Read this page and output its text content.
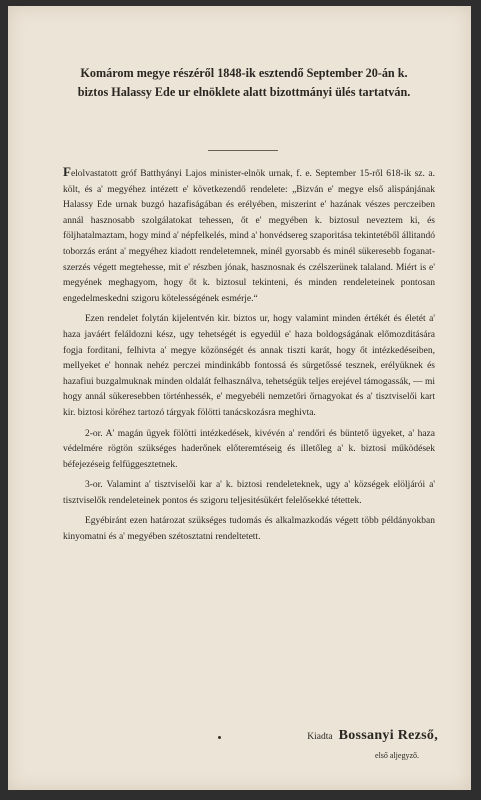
Komárom megye részéről 1848-ik esztendő September 20-án k. biztos Halassy Ede ur elnöklete alatt bizottmányi ülés tartatván.

Felolvastatott gróf Batthyányi Lajos minister-elnök urnak, f. e. September 15-ről 618-ik sz. a. költ, és a' megyéhez intézett e' következendő rendelete: „Bizván e' megye első alispánjának Halassy Ede urnak buzgó hazafiságában és erélyében, miszerint e' hazának vészes perczeiben annál hasznosabb szolgálatokat tehessen, őt e' megyében k. biztosul neveztem ki, és följhatalmaztam, hogy mind a' népfelkelés, mind a' honvédsereg szaporitása tekintetéből állitandó toborzás eránt a' megyéhez kiadott rendeletemnek, minél gyorsabb és minél sükeresebb foganat-szerzés végett megtehesse, mit e' részben jónak, hasznosnak és czélszerünek talaland. Miért is e' megyének meghagyom, hogy őt k. biztosul tekinteni, és minden rendeleteinek pontosan engedelmeskedni szigoru kötelességének esmérje.“

Ezen rendelet folytán kijelentvén kir. biztos ur, hogy valamint minden értékét és életét a' haza javáért feláldozni kész, ugy tehetségét is egyedül e' haza boldogságának előmozditására fogja forditani, felhivta a' megye közönségét és annak tiszti karát, hogy őt intézkedéseiben, mellyeket e' honnak nehéz perczei mindinkább fontossá és sürgetőssé tesznek, erélyüknek és hazafiui buzgalmuknak minden oldalát felhasználva, tehetségük teljes erejével támogassák, — mi hogy annál sükeresebben történhessék, e' megyebéli nemzetőri őrnagyokat és a' tisztviselői kart kir. biztosi köréhez tartozó tárgyak fölötti tanácskozásra meghivta.

2-or. A' magán ügyek fölötti intézkedések, kivévén a' rendőri és büntető ügyeket, a' haza védelmére rögtön szükséges haderőnek előteremtéseig és illetőleg a' k. biztosi működések béfejezéseig felfüggesztetnek.

3-or. Valamint a' tisztviselői kar a' k. biztosi rendeleteknek, ugy a' községek elöljárói a' tisztviselők rendeleteinek pontos és szigoru teljesitésükért felelősekké tétettek.

Egyébiránt ezen határozat szükséges tudomás és alkalmazkodás végett több példányokban kinyomatni és a' megyében szétosztatni rendeltetett.

Kiadta Bossanyi Rezső,
első aljegyző.
